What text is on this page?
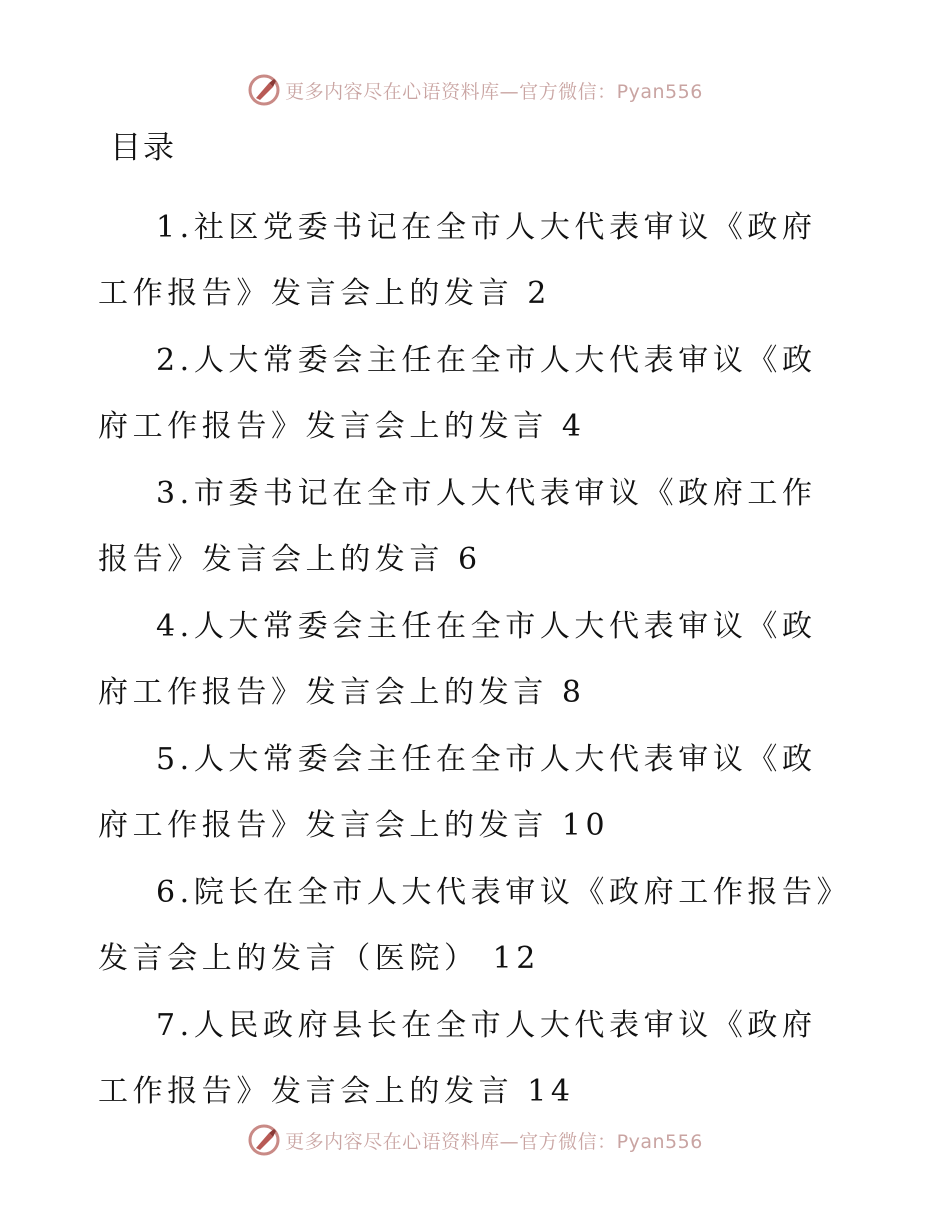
更多内容尽在心语资料库—官方微信：Pyan556
目录

1.社区党委书记在全市人大代表审议《政府工作报告》发言会上的发言 2

2.人大常委会主任在全市人大代表审议《政府工作报告》发言会上的发言 4

3.市委书记在全市人大代表审议《政府工作报告》发言会上的发言 6

4.人大常委会主任在全市人大代表审议《政府工作报告》发言会上的发言 8

5.人大常委会主任在全市人大代表审议《政府工作报告》发言会上的发言 10

6.院长在全市人大代表审议《政府工作报告》发言会上的发言（医院） 12

7.人民政府县长在全市人大代表审议《政府工作报告》发言会上的发言 14

更多内容尽在心语资料库—官方微信：Pyan556
